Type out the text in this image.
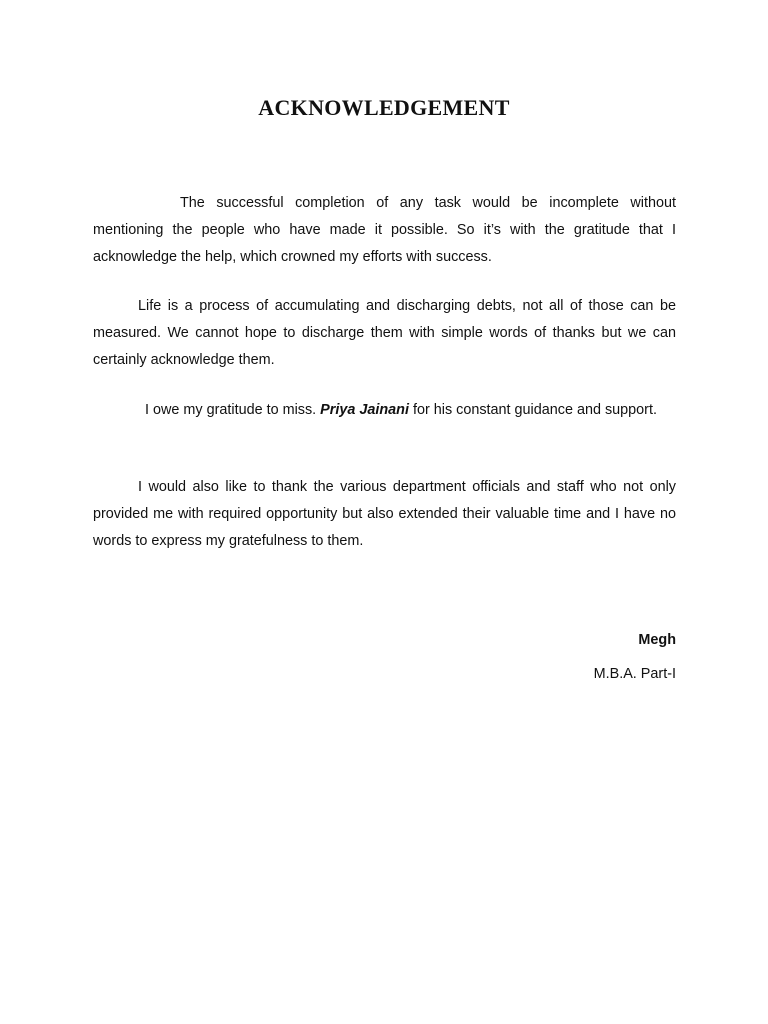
ACKNOWLEDGEMENT

The successful completion of any task would be incomplete without mentioning the people who have made it possible. So it’s with the gratitude that I acknowledge the help, which crowned my efforts with success.

Life is a process of accumulating and discharging debts, not all of those can be measured. We cannot hope to discharge them with simple words of thanks but we can certainly acknowledge them.

I owe my gratitude to miss. Priya Jainani for his constant guidance and support.

I would also like to thank the various department officials and staff who not only provided me with required opportunity but also extended their valuable time and I have no words to express my gratefulness to them.

Megh

M.B.A. Part-I
